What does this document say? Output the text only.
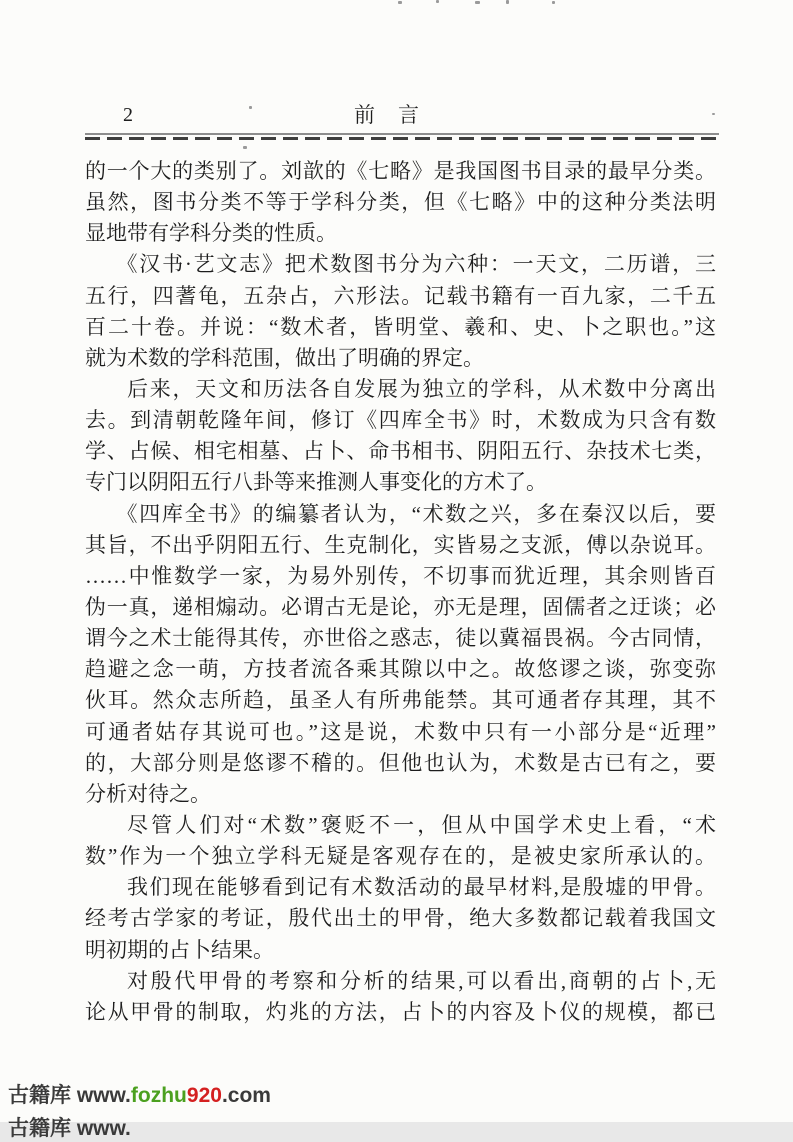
2	前　言
的一个大的类别了。刘歆的《七略》是我国图书目录的最早分类。
虽然，图书分类不等于学科分类，但《七略》中的这种分类法明
显地带有学科分类的性质。
《汉书·艺文志》把术数图书分为六种：一天文，二历谱，三
五行，四蓍龟，五杂占，六形法。记载书籍有一百九家，二千五
百二十卷。并说：“数术者，皆明堂、羲和、史、卜之职也。”这
就为术数的学科范围，做出了明确的界定。
后来，天文和历法各自发展为独立的学科，从术数中分离出
去。到清朝乾隆年间，修订《四库全书》时，术数成为只含有数
学、占候、相宅相墓、占卜、命书相书、阴阳五行、杂技术七类，
专门以阴阳五行八卦等来推测人事变化的方术了。
《四库全书》的编纂者认为，“术数之兴，多在秦汉以后，要
其旨，不出乎阴阳五行、生克制化，实皆易之支派，傅以杂说耳。
……中惟数学一家，为易外别传，不切事而犹近理，其余则皆百
伪一真，递相煽动。必谓古无是论，亦无是理，固儒者之迂谈；必
谓今之术士能得其传，亦世俗之惑志，徒以冀福畏祸。今古同情，
趋避之念一萌，方技者流各乘其隙以中之。故悠谬之谈，弥变弥
伙耳。然众志所趋，虽圣人有所弗能禁。其可通者存其理，其不
可通者姑存其说可也。”这是说，术数中只有一小部分是“近理”
的，大部分则是悠谬不稽的。但他也认为，术数是古已有之，要
分析对待之。
尽管人们对“术数”褒贬不一，但从中国学术史上看，“术
数”作为一个独立学科无疑是客观存在的，是被史家所承认的。
我们现在能够看到记有术数活动的最早材料,是殷墟的甲骨。
经考古学家的考证，殷代出土的甲骨，绝大多数都记载着我国文
明初期的占卜结果。
对殷代甲骨的考察和分析的结果,可以看出,商朝的占卜,无
论从甲骨的制取，灼兆的方法，占卜的内容及卜仪的规模，都已
古籍库 www.fozhu920.com
古籍库 www.
